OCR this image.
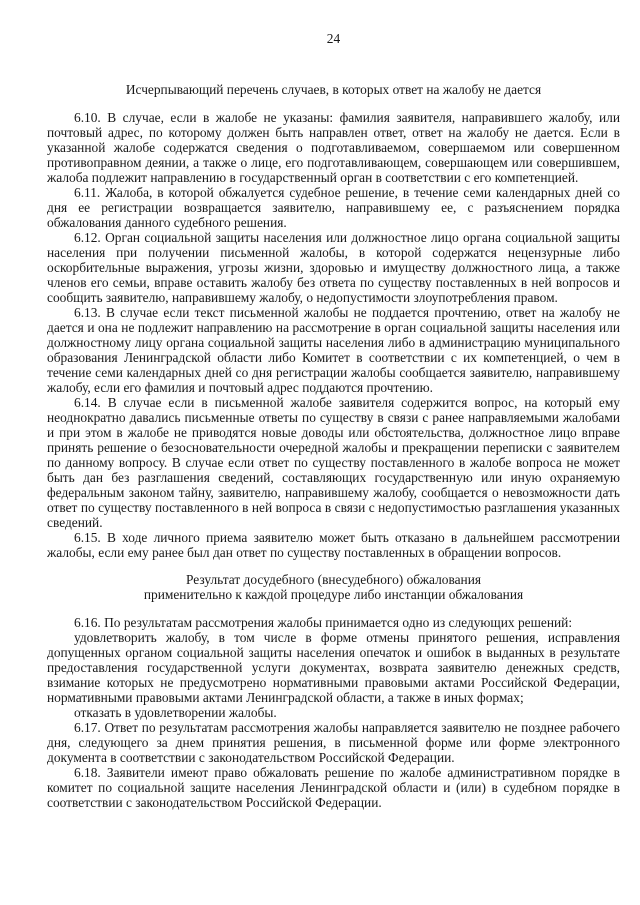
24
Исчерпывающий перечень случаев, в которых ответ на жалобу не дается

6.10. В случае, если в жалобе не указаны: фамилия заявителя, направившего жалобу, или почтовый адрес, по которому должен быть направлен ответ, ответ на жалобу не дается. Если в указанной жалобе содержатся сведения о подготавливаемом, совершаемом или совершенном противоправном деянии, а также о лице, его подготавливающем, совершающем или совершившем, жалоба подлежит направлению в государственный орган в соответствии с его компетенцией.

6.11. Жалоба, в которой обжалуется судебное решение, в течение семи календарных дней со дня ее регистрации возвращается заявителю, направившему ее, с разъяснением порядка обжалования данного судебного решения.

6.12. Орган социальной защиты населения или должностное лицо органа социальной защиты населения при получении письменной жалобы, в которой содержатся нецензурные либо оскорбительные выражения, угрозы жизни, здоровью и имуществу должностного лица, а также членов его семьи, вправе оставить жалобу без ответа по существу поставленных в ней вопросов и сообщить заявителю, направившему жалобу, о недопустимости злоупотребления правом.

6.13. В случае если текст письменной жалобы не поддается прочтению, ответ на жалобу не дается и она не подлежит направлению на рассмотрение в орган социальной защиты населения или должностному лицу органа социальной защиты населения либо в администрацию муниципального образования Ленинградской области либо Комитет в соответствии с их компетенцией, о чем в течение семи календарных дней со дня регистрации жалобы сообщается заявителю, направившему жалобу, если его фамилия и почтовый адрес поддаются прочтению.

6.14. В случае если в письменной жалобе заявителя содержится вопрос, на который ему неоднократно давались письменные ответы по существу в связи с ранее направляемыми жалобами и при этом в жалобе не приводятся новые доводы или обстоятельства, должностное лицо вправе принять решение о безосновательности очередной жалобы и прекращении переписки с заявителем по данному вопросу. В случае если ответ по существу поставленного в жалобе вопроса не может быть дан без разглашения сведений, составляющих государственную или иную охраняемую федеральным законом тайну, заявителю, направившему жалобу, сообщается о невозможности дать ответ по существу поставленного в ней вопроса в связи с недопустимостью разглашения указанных сведений.

6.15. В ходе личного приема заявителю может быть отказано в дальнейшем рассмотрении жалобы, если ему ранее был дан ответ по существу поставленных в обращении вопросов.

Результат досудебного (внесудебного) обжалования
применительно к каждой процедуре либо инстанции обжалования

6.16. По результатам рассмотрения жалобы принимается одно из следующих решений:

удовлетворить жалобу, в том числе в форме отмены принятого решения, исправления допущенных органом социальной защиты населения опечаток и ошибок в выданных в результате предоставления государственной услуги документах, возврата заявителю денежных средств, взимание которых не предусмотрено нормативными правовыми актами Российской Федерации, нормативными правовыми актами Ленинградской области, а также в иных формах;

отказать в удовлетворении жалобы.

6.17. Ответ по результатам рассмотрения жалобы направляется заявителю не позднее рабочего дня, следующего за днем принятия решения, в письменной форме или форме электронного документа в соответствии с законодательством Российской Федерации.

6.18. Заявители имеют право обжаловать решение по жалобе административном порядке в комитет по социальной защите населения Ленинградской области и (или) в судебном порядке в соответствии с законодательством Российской Федерации.
